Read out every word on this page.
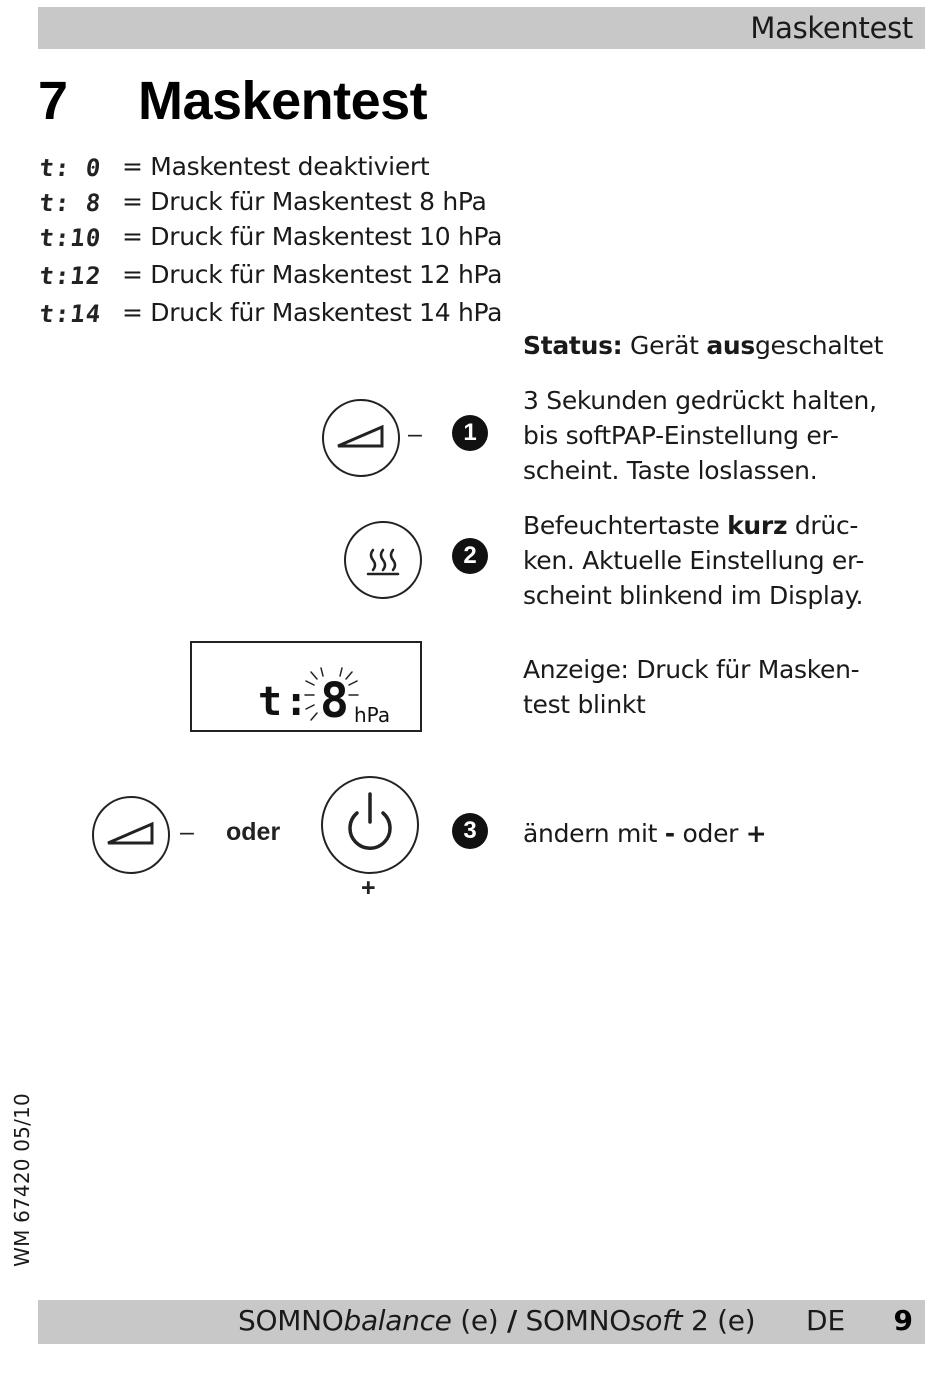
Maskentest
7 Maskentest
t: 0 = Maskentest deaktiviert
t: 8 = Druck für Maskentest 8 hPa
t:10 = Druck für Maskentest 10 hPa
t:12 = Druck für Maskentest 12 hPa
t:14 = Druck für Maskentest 14 hPa
Status: Gerät ausgeschaltet
–	1
3 Sekunden gedrückt halten,
bis softPAP-Einstellung er-
scheint. Taste loslassen.
2
Befeuchtertaste kurz drüc-
ken. Aktuelle Einstellung er-
scheint blinkend im Display.
t: 8 hPa
Anzeige: Druck für Masken-
test blinkt
– oder
+
3	ändern mit - oder +
WM 67420 05/10
SOMNObalance (e) / SOMNOsoft 2 (e) DE 9
